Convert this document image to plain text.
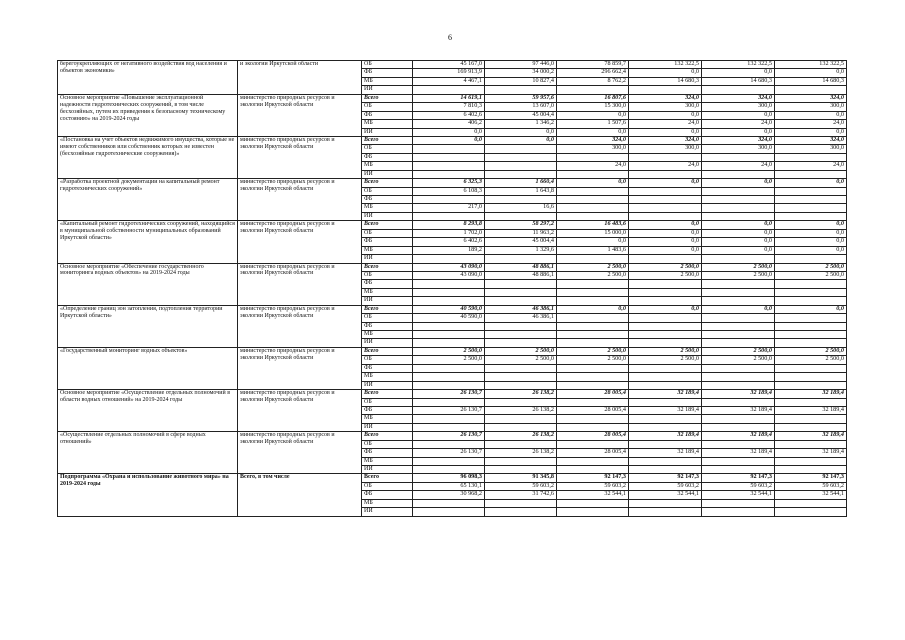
6
берегоукрепляющих от негативного воздействия вод населения и объектов экономики»	и экологии Иркутской области	ОБ	45 167,0	97 446,0	78 859,7	132 322,5	132 322,5	132 322,5
		ФБ	169 913,9	34 000,2	296 662,4	0,0	0,0	0,0
		МБ	4 467,1	10 827,4	8 762,2	14 680,3	14 680,3	14 680,3
		ИИ						
Основное мероприятие «Повышение эксплуатационной надежности гидротехнических сооружений, в том числе бесхозяйных, путем их приведения к безопасному техническому состоянию» на 2019-2024 годы	министерство природных ресурсов и экологии Иркутской области	Всего	14 619,1	59 957,6	16 807,6	324,0	324,0	324,0
		ОБ	7 810,3	13 607,0	15 300,0	300,0	300,0	300,0
		ФБ	6 402,6	45 004,4	0,0	0,0	0,0	0,0
		МБ	406,2	1 346,2	1 507,6	24,0	24,0	24,0
		ИИ	0,0	0,0	0,0	0,0	0,0	0,0
«Постановка на учет объектов недвижимого имущества, которые не имеют собственников или собственник которых не известен (бесхозяйные гидротехнические сооружения)»	министерство природных ресурсов и экологии Иркутской области	Всего	0,0	0,0	324,0	324,0	324,0	324,0
		ОБ			300,0	300,0	300,0	300,0
		ФБ						
		МБ			24,0	24,0	24,0	24,0
		ИИ						
«Разработка проектной документации на капитальный ремонт гидротехнических сооружений»	министерство природных ресурсов и экологии Иркутской области	Всего	6 325,3	1 660,4	0,0	0,0	0,0	0,0
		ОБ	6 108,3	1 643,8				
		ФБ						
		МБ	217,0	16,6				
		ИИ						
«Капитальный ремонт гидротехнических сооружений, находящийся в муниципальной собственности муниципальных образований Иркутской области»	министерство природных ресурсов и экологии Иркутской области	Всего	8 293,8	58 297,2	16 483,6	0,0	0,0	0,0
		ОБ	1 702,0	11 963,2	15 000,0	0,0	0,0	0,0
		ФБ	6 402,6	45 004,4	0,0	0,0	0,0	0,0
		МБ	189,2	1 329,6	1 483,6	0,0	0,0	0,0
		ИИ						
Основное мероприятие «Обеспечение государственного мониторинга водных объектов» на 2019-2024 годы	министерство природных ресурсов и экологии Иркутской области	Всего	43 090,0	48 886,1	2 500,0	2 500,0	2 500,0	2 500,0
		ОБ	43 090,0	48 886,1	2 500,0	2 500,0	2 500,0	2 500,0
		ФБ						
		МБ						
		ИИ						
«Определение границ зон затопления, подтопления территории Иркутской области»	министерство природных ресурсов и экологии Иркутской области	Всего	40 590,0	46 386,1	0,0	0,0	0,0	0,0
		ОБ	40 590,0	46 386,1				
		ФБ						
		МБ						
		ИИ						
«Государственный мониторинг водных объектов»	министерство природных ресурсов и экологии Иркутской области	Всего	2 500,0	2 500,0	2 500,0	2 500,0	2 500,0	2 500,0
		ОБ	2 500,0	2 500,0	2 500,0	2 500,0	2 500,0	2 500,0
		ФБ						
		МБ						
		ИИ						
Основное мероприятие «Осуществление отдельных полномочий в области водных отношений» на 2019-2024 годы	министерство природных ресурсов и экологии Иркутской области	Всего	26 130,7	26 138,2	28 005,4	32 189,4	32 189,4	32 189,4
		ОБ						
		ФБ	26 130,7	26 138,2	28 005,4	32 189,4	32 189,4	32 189,4
		МБ						
		ИИ						
«Осуществление отдельных полномочий в сфере водных отношений»	министерство природных ресурсов и экологии Иркутской области	Всего	26 130,7	26 138,2	28 005,4	32 189,4	32 189,4	32 189,4
		ОБ						
		ФБ	26 130,7	26 138,2	28 005,4	32 189,4	32 189,4	32 189,4
		МБ						
		ИИ						
Подпрограмма «Охрана и использование животного мира» на 2019-2024 годы	Всего, в том числе	Всего	96 098,3	91 345,8	92 147,3	92 147,3	92 147,3	92 147,3
		ОБ	65 130,1	59 603,2	59 603,2	59 603,2	59 603,2	59 603,2
		ФБ	30 968,2	31 742,6	32 544,1	32 544,1	32 544,1	32 544,1
		МБ						
		ИИ						
